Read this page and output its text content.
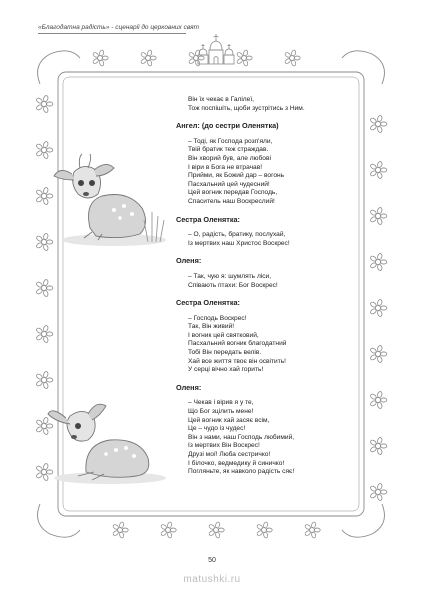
«Благодатна радість» - сценарії до церковних свят
Він їх чекає в Галілеї,
Тож поспішіть, щоби зустрітись з Ним.
Ангел: (до сестри Оленятка)
– Тоді, як Господа розп'яли,
Твій братик теж страждав.
Він хворий був, але любові
І віри в Бога не втрачав!
Прийми, як Божий дар – вогонь
Пасхальний цей чудесний!
Цей вогник передав Господь,
Спаситель наш Воскреслий!
Сестра Оленятка:
– О, радість, братику, послухай,
Із мертвих наш Христос Воскрес!
Оленя:
– Так, чую я: шумлять ліси,
Співають птахи: Бог Воскрес!
Сестра Оленятка:
– Господь Воскрес!
Так, Він живий!
І вогник цей святковий,
Пасхальний вогник благодатний
Тобі Він передать велів.
Хай все життя твоє він освітить!
У серці вічно хай горить!
Оленя:
– Чекав і вірив я у те,
Що Бог зцілить мене!
Цей вогник хай засяє всім,
Це – чудо із чудес!
Він з нами, наш Господь любимий,
Із мертвих Він Воскрес!
Друзі мої! Люба сестричко!
І білочко, ведмедику й синичко!
Погляньте, як навколо радість сяє!
50
matushki.ru
